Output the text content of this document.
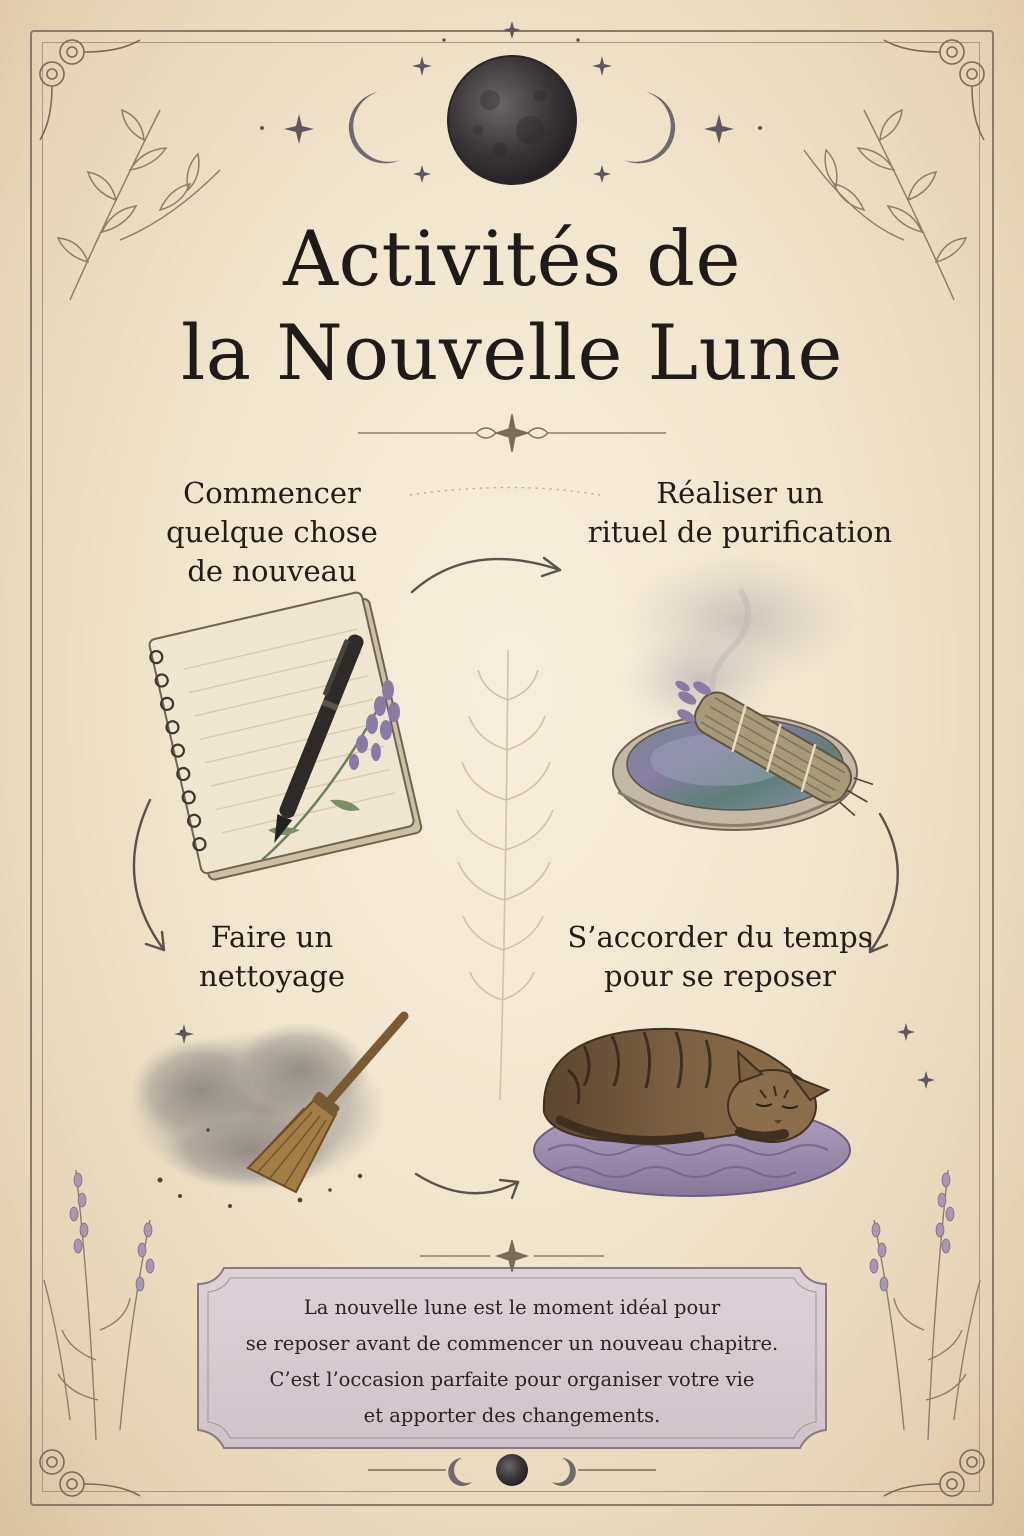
Activités de
la Nouvelle Lune
Commencer
quelque chose
de nouveau
Réaliser un
rituel de purification
Faire un
nettoyage
S’accorder du temps
pour se reposer

La nouvelle lune est le moment idéal pour
se reposer avant de commencer un nouveau chapitre.
C’est l’occasion parfaite pour organiser votre vie
et apporter des changements.
